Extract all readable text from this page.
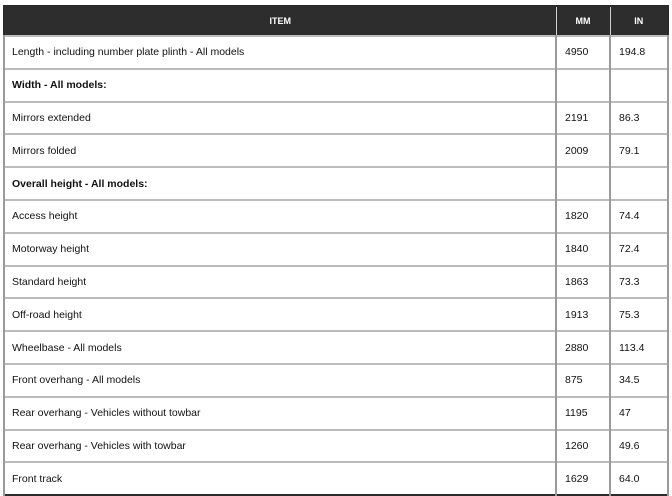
ITEM	MM	IN
Length - including number plate plinth - All models	4950	194.8
Width - All models:		
Mirrors extended	2191	86.3
Mirrors folded	2009	79.1
Overall height - All models:		
Access height	1820	74.4
Motorway height	1840	72.4
Standard height	1863	73.3
Off-road height	1913	75.3
Wheelbase - All models	2880	113.4
Front overhang - All models	875	34.5
Rear overhang - Vehicles without towbar	1195	47
Rear overhang - Vehicles with towbar	1260	49.6
Front track	1629	64.0
